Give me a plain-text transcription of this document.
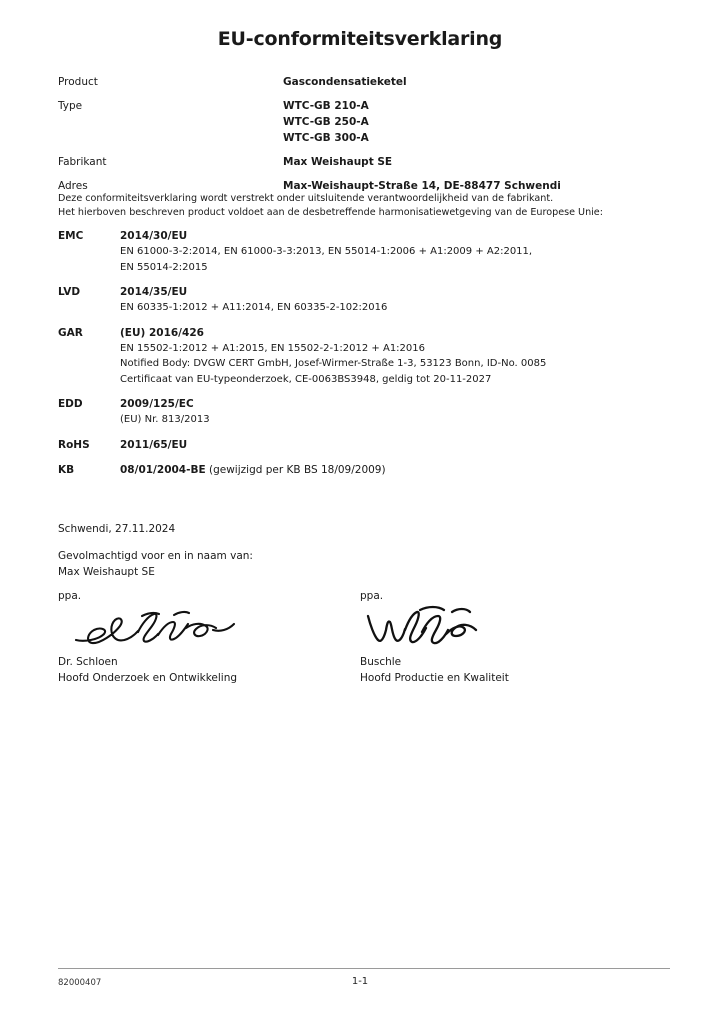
EU-conformiteitsverklaring
Product	Gascondensatieketel
Type	WTC-GB 210-A
WTC-GB 250-A
WTC-GB 300-A
Fabrikant	Max Weishaupt SE
Adres	Max-Weishaupt-Straße 14, DE-88477 Schwendi
Deze conformiteitsverklaring wordt verstrekt onder uitsluitende verantwoordelijkheid van de fabrikant.
Het hierboven beschreven product voldoet aan de desbetreffende harmonisatiewetgeving van de Europese Unie:
EMC	2014/30/EU
EN 61000-3-2:2014, EN 61000-3-3:2013, EN 55014-1:2006 + A1:2009 + A2:2011,
EN 55014-2:2015
LVD	2014/35/EU
EN 60335-1:2012 + A11:2014, EN 60335-2-102:2016
GAR	(EU) 2016/426
EN 15502-1:2012 + A1:2015, EN 15502-2-1:2012 + A1:2016
Notified Body: DVGW CERT GmbH, Josef-Wirmer-Straße 1-3, 53123 Bonn, ID-No. 0085
Certificaat van EU-typeonderzoek, CE-0063BS3948, geldig tot 20-11-2027
EDD	2009/125/EC
(EU) Nr. 813/2013
RoHS	2011/65/EU
KB	08/01/2004-BE (gewijzigd per KB BS 18/09/2009)
Schwendi, 27.11.2024
Gevolmachtigd voor en in naam van:
Max Weishaupt SE
ppa.
Dr. Schloen
Hoofd Onderzoek en Ontwikkeling
ppa.
Buschle
Hoofd Productie en Kwaliteit
82000407	1-1
